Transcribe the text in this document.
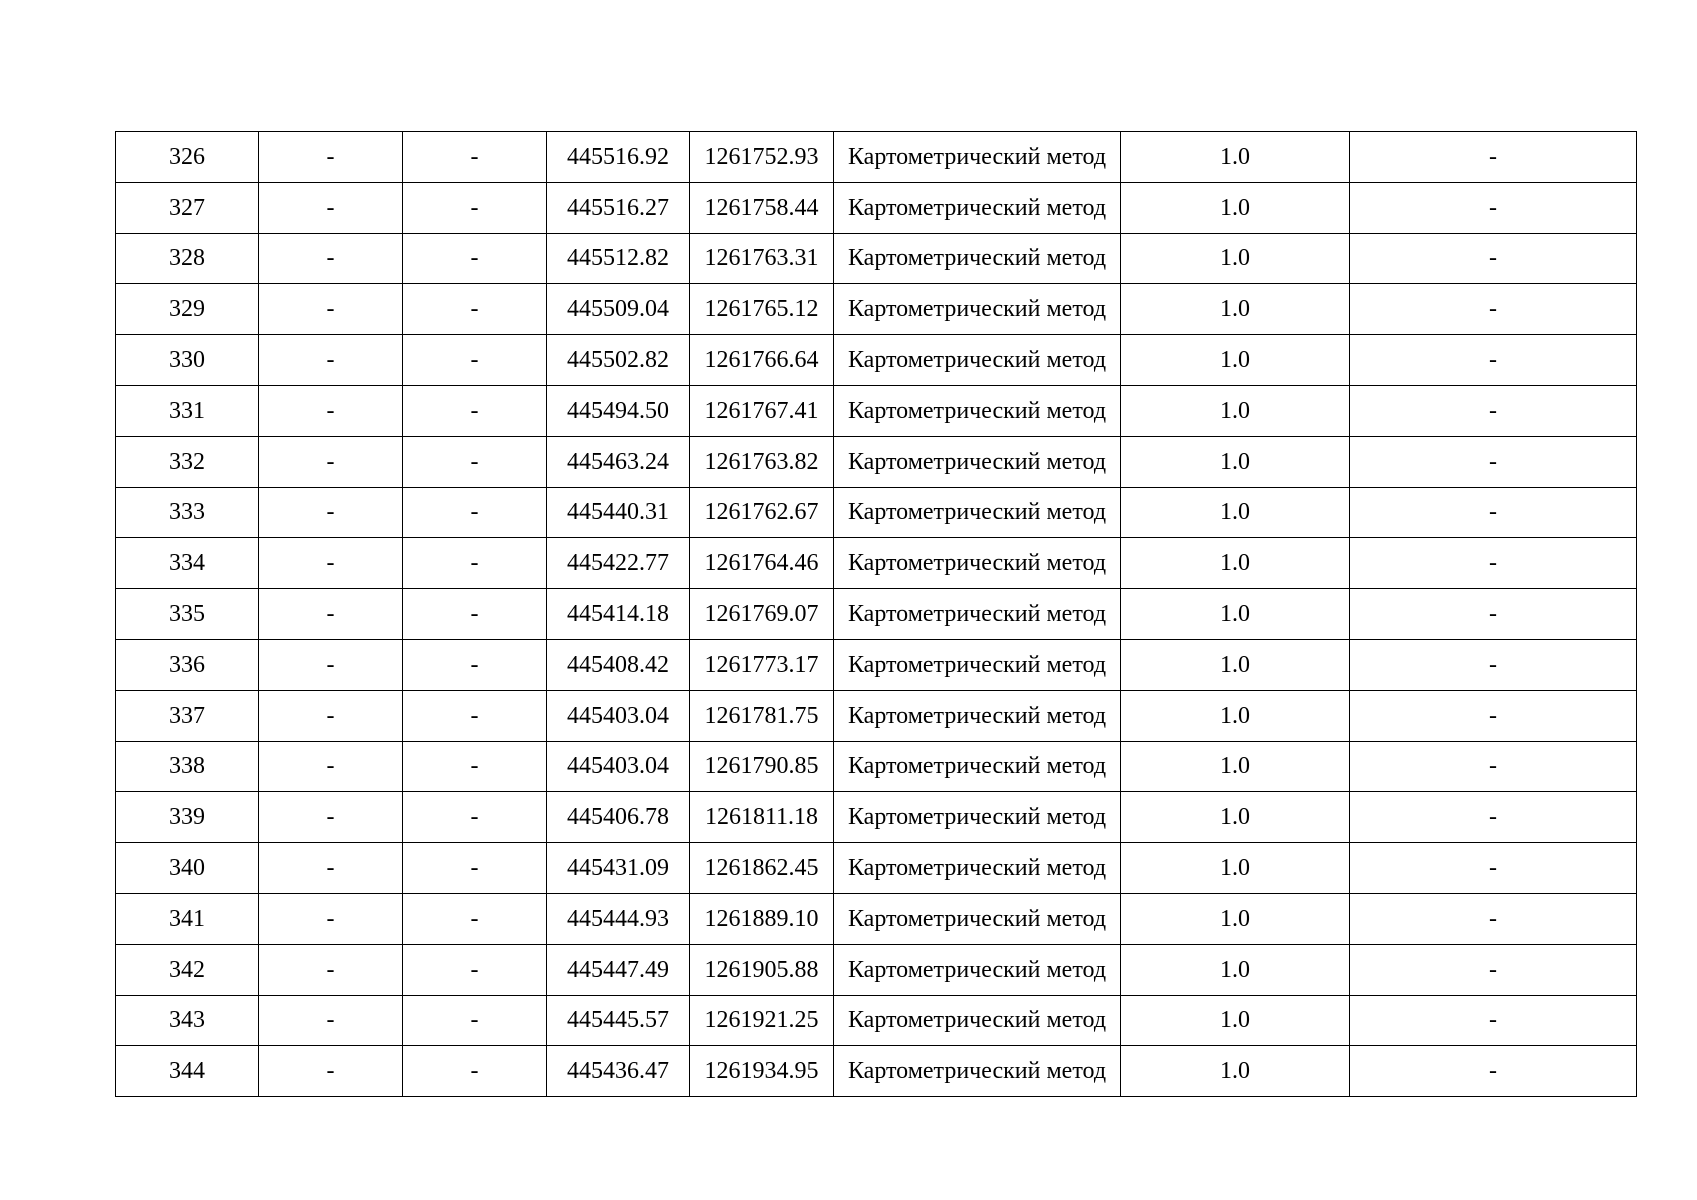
326	-	-	445516.92	1261752.93	Картометрический метод	1.0	-
327	-	-	445516.27	1261758.44	Картометрический метод	1.0	-
328	-	-	445512.82	1261763.31	Картометрический метод	1.0	-
329	-	-	445509.04	1261765.12	Картометрический метод	1.0	-
330	-	-	445502.82	1261766.64	Картометрический метод	1.0	-
331	-	-	445494.50	1261767.41	Картометрический метод	1.0	-
332	-	-	445463.24	1261763.82	Картометрический метод	1.0	-
333	-	-	445440.31	1261762.67	Картометрический метод	1.0	-
334	-	-	445422.77	1261764.46	Картометрический метод	1.0	-
335	-	-	445414.18	1261769.07	Картометрический метод	1.0	-
336	-	-	445408.42	1261773.17	Картометрический метод	1.0	-
337	-	-	445403.04	1261781.75	Картометрический метод	1.0	-
338	-	-	445403.04	1261790.85	Картометрический метод	1.0	-
339	-	-	445406.78	1261811.18	Картометрический метод	1.0	-
340	-	-	445431.09	1261862.45	Картометрический метод	1.0	-
341	-	-	445444.93	1261889.10	Картометрический метод	1.0	-
342	-	-	445447.49	1261905.88	Картометрический метод	1.0	-
343	-	-	445445.57	1261921.25	Картометрический метод	1.0	-
344	-	-	445436.47	1261934.95	Картометрический метод	1.0	-
